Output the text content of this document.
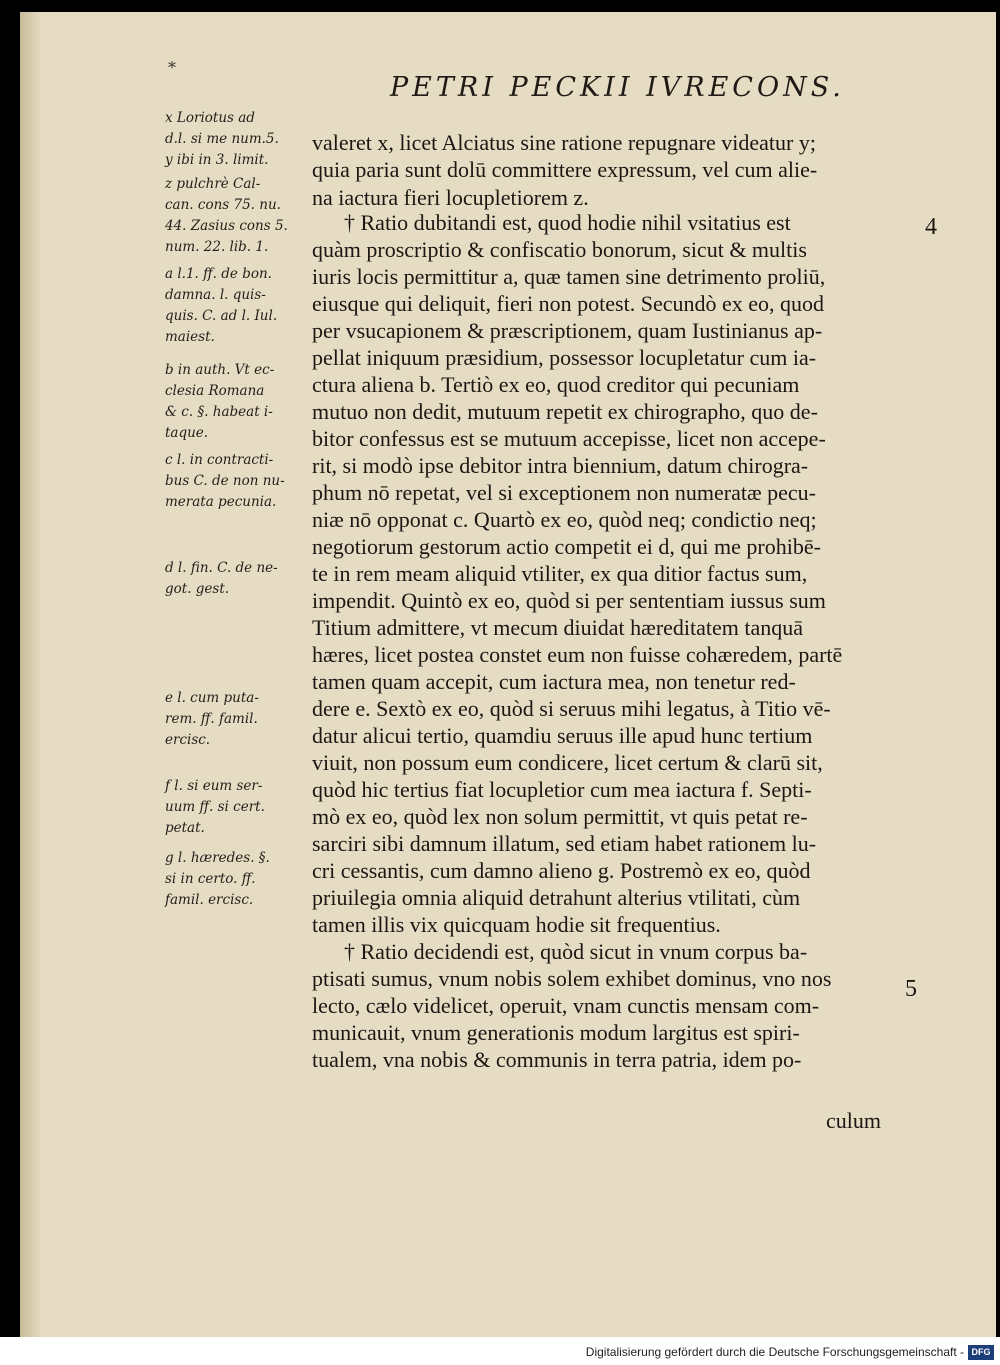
*
PETRI PECKII IVRECONS.
x Loriotus ad
d.l. si me num.5.
y ibi in 3. limit.
z pulchrè Cal-
can. cons 75. nu.
44. Zasius cons 5.
num. 22. lib. 1.
a l.1. ff. de bon.
damna. l. quis-
quis. C. ad l. Iul.
maiest.
b in auth. Vt ec-
clesia Romana
& c. §. habeat i-
taque.
c l. in contracti-
bus C. de non nu-
merata pecunia.
d l. fin. C. de ne-
got. gest.
e l. cum puta-
rem. ff. famil.
ercisc.
f l. si eum ser-
uum ff. si cert.
petat.
g l. hæredes. §.
si in certo. ff.
famil. ercisc.
valeret x, licet Alciatus sine ratione repugnare videatur y;
quia paria sunt dolū committere expressum, vel cum alie-
na iactura fieri locupletiorem z.
† Ratio dubitandi est, quod hodie nihil vsitatius est
quàm proscriptio & confiscatio bonorum, sicut & multis
iuris locis permittitur a, quæ tamen sine detrimento proliū,
eiusque qui deliquit, fieri non potest. Secundò ex eo, quod
per vsucapionem & præscriptionem, quam Iustinianus ap-
pellat iniquum præsidium, possessor locupletatur cum ia-
ctura aliena b. Tertiò ex eo, quod creditor qui pecuniam
mutuo non dedit, mutuum repetit ex chirographo, quo de-
bitor confessus est se mutuum accepisse, licet non accepe-
rit, si modò ipse debitor intra biennium, datum chirogra-
phum nō repetat, vel si exceptionem non numeratæ pecu-
niæ nō opponat c. Quartò ex eo, quòd neq; condictio neq;
negotiorum gestorum actio competit ei d, qui me prohibē-
te in rem meam aliquid vtiliter, ex qua ditior factus sum,
impendit. Quintò ex eo, quòd si per sententiam iussus sum
Titium admittere, vt mecum diuidat hæreditatem tanquā
hæres, licet postea constet eum non fuisse cohæredem, partē
tamen quam accepit, cum iactura mea, non tenetur red-
dere e. Sextò ex eo, quòd si seruus mihi legatus, à Titio vē-
datur alicui tertio, quamdiu seruus ille apud hunc tertium
viuit, non possum eum condicere, licet certum & clarū sit,
quòd hic tertius fiat locupletior cum mea iactura f. Septi-
mò ex eo, quòd lex non solum permittit, vt quis petat re-
sarciri sibi damnum illatum, sed etiam habet rationem lu-
cri cessantis, cum damno alieno g. Postremò ex eo, quòd
priuilegia omnia aliquid detrahunt alterius vtilitati, cùm
tamen illis vix quicquam hodie sit frequentius.
† Ratio decidendi est, quòd sicut in vnum corpus ba-
ptisati sumus, vnum nobis solem exhibet dominus, vno nos
lecto, cælo videlicet, operuit, vnam cunctis mensam com-
municauit, vnum generationis modum largitus est spiri-
tualem, vna nobis & communis in terra patria, idem po-
4
5
culum
Digitalisierung gefördert durch die Deutsche Forschungsgemeinschaft - DFG
